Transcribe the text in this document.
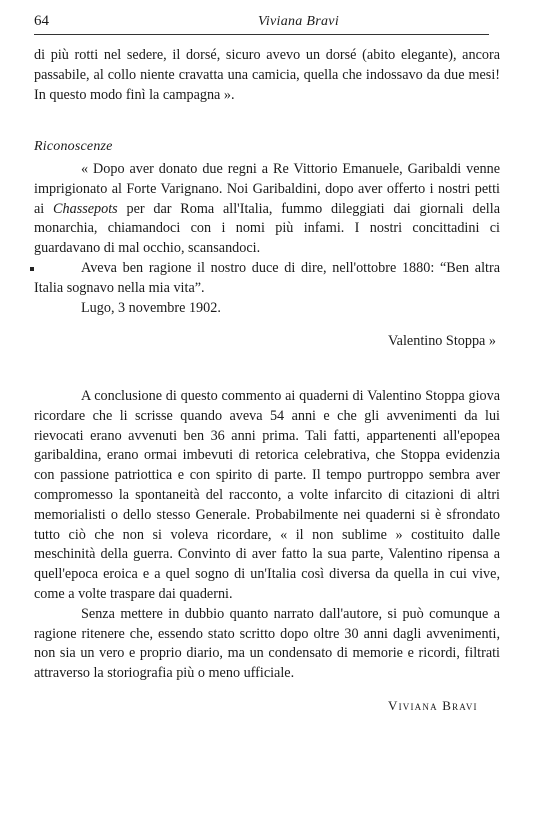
64	Viviana Bravi

di più rotti nel sedere, il dorsé, sicuro avevo un dorsé (abito elegante), ancora passabile, al collo niente cravatta una camicia, quella che indossavo da due mesi! In questo modo finì la campagna ».

Riconoscenze

« Dopo aver donato due regni a Re Vittorio Emanuele, Garibaldi venne imprigionato al Forte Varignano. Noi Garibaldini, dopo aver offerto i nostri petti ai Chassepots per dar Roma all'Italia, fummo dileggiati dai giornali della monarchia, chiamandoci con i nomi più infami. I nostri concittadini ci guardavano di mal occhio, scansandoci.

Aveva ben ragione il nostro duce di dire, nell'ottobre 1880: “Ben altra Italia sognavo nella mia vita”.

Lugo, 3 novembre 1902.

Valentino Stoppa »

A conclusione di questo commento ai quaderni di Valentino Stoppa giova ricordare che li scrisse quando aveva 54 anni e che gli avvenimenti da lui rievocati erano avvenuti ben 36 anni prima. Tali fatti, appartenenti all'epopea garibaldina, erano ormai imbevuti di retorica celebrativa, che Stoppa evidenzia con passione patriottica e con spirito di parte. Il tempo purtroppo sembra aver compromesso la spontaneità del racconto, a volte infarcito di citazioni di altri memorialisti o dello stesso Generale. Probabilmente nei quaderni si è sfrondato tutto ciò che non si voleva ricordare, « il non sublime » costituito dalle meschinità della guerra. Convinto di aver fatto la sua parte, Valentino ripensa a quell'epoca eroica e a quel sogno di un'Italia così diversa da quella in cui vive, come a volte traspare dai quaderni.

Senza mettere in dubbio quanto narrato dall'autore, si può comunque a ragione ritenere che, essendo stato scritto dopo oltre 30 anni dagli avvenimenti, non sia un vero e proprio diario, ma un condensato di memorie e ricordi, filtrati attraverso la storiografia più o meno ufficiale.

Viviana Bravi
